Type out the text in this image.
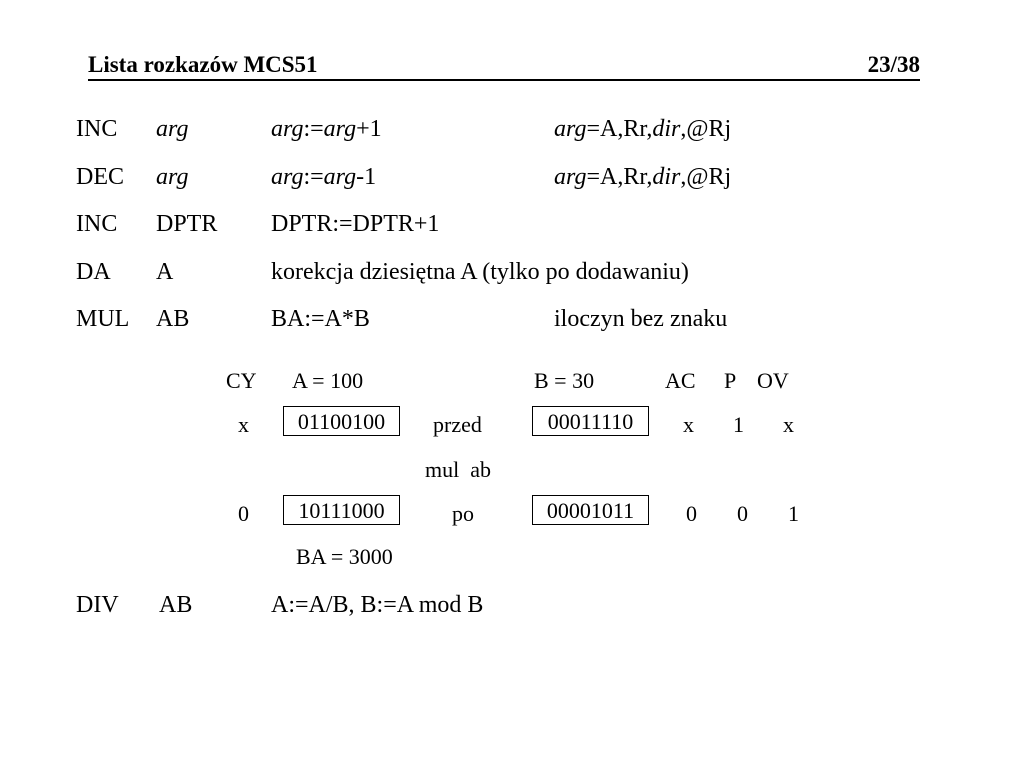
Lista rozkazów MCS51	23/38
INC arg	arg:=arg+1	arg=A,Rr,dir,@Rj
DEC arg	arg:=arg-1	arg=A,Rr,dir,@Rj
INC DPTR DPTR:=DPTR+1
DA A	korekcja dziesiętna A (tylko po dodawaniu)
MUL AB	BA:=A*B	iloczyn bez znaku
CY A = 100	B = 30	AC P OV
x	01100100	przed	00011110	x 1 x
mul  ab
0	10111000	po	00001011	0 0 1
BA = 3000
DIV AB	A:=A/B, B:=A mod B
